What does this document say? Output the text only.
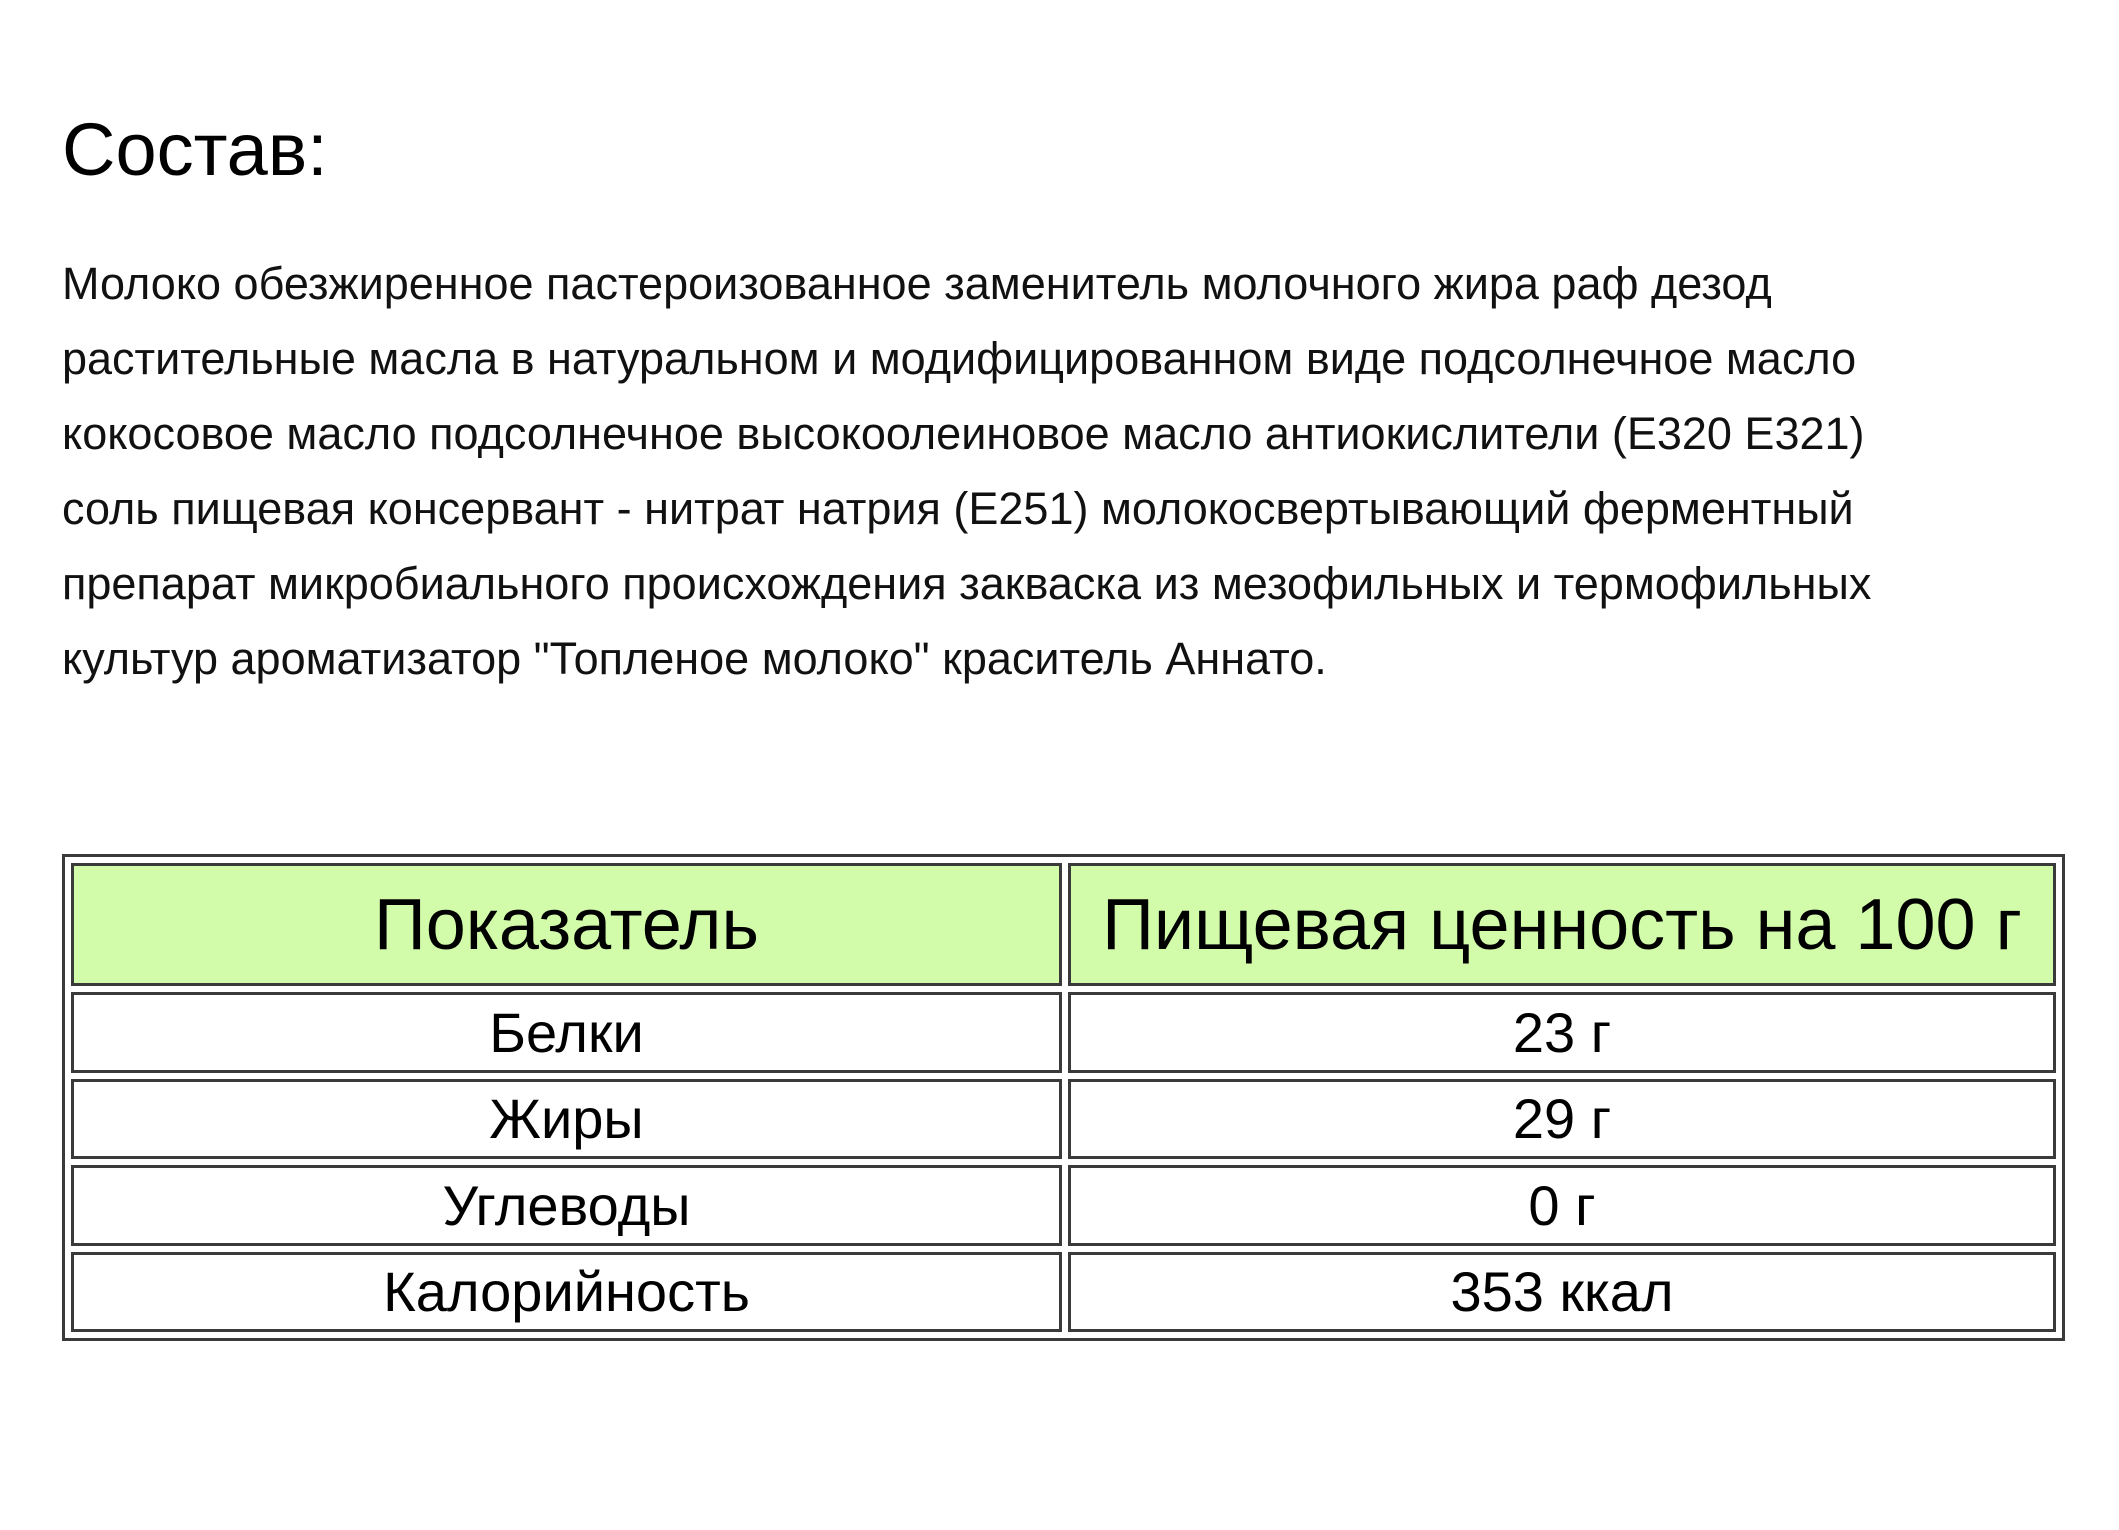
Состав:

Молоко обезжиренное пастероизованное заменитель молочного жира раф дезод
растительные масла в натуральном и модифицированном виде подсолнечное масло
кокосовое масло подсолнечное высокоолеиновое масло антиокислители (Е320 Е321)
соль пищевая консервант - нитрат натрия (Е251) молокосвертывающий ферментный
препарат микробиального происхождения закваска из мезофильных и термофильных
культур ароматизатор "Топленое молоко" краситель Аннато.

Показатель	Пищевая ценность на 100 г
Белки	23 г
Жиры	29 г
Углеводы	0 г
Калорийность	353 ккал
